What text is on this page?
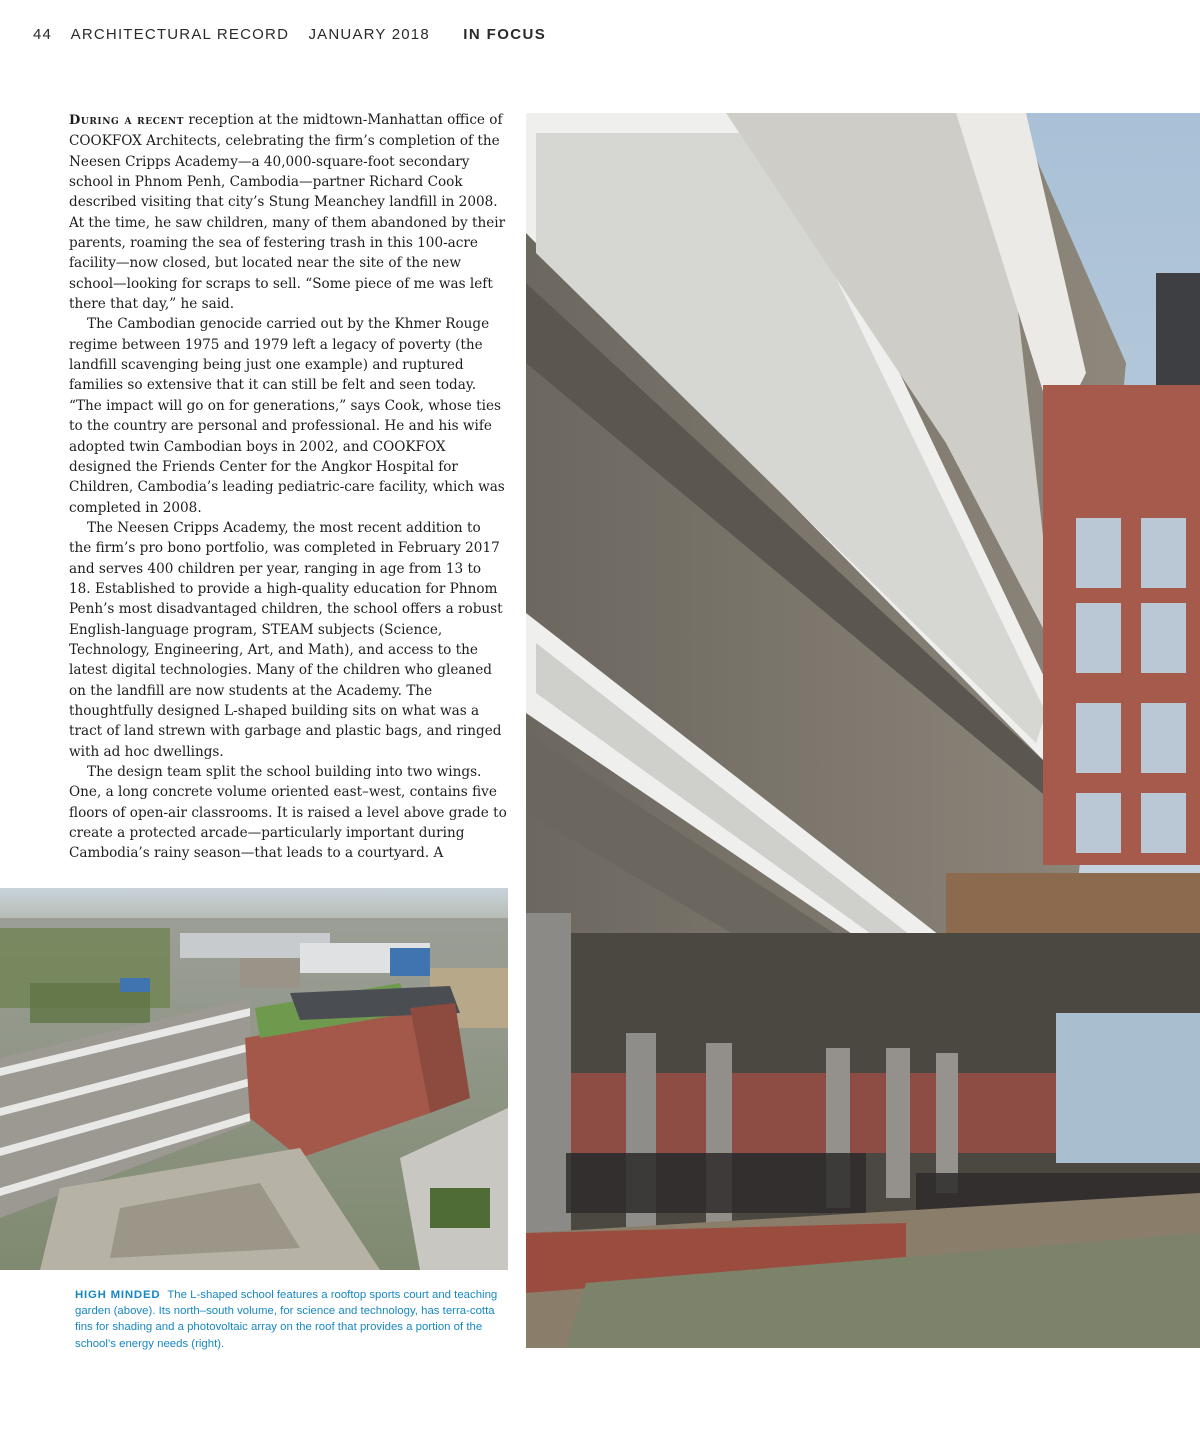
44 ARCHITECTURAL RECORD JANUARY 2018 IN FOCUS

During a recent reception at the midtown-Manhattan office of COOKFOX Architects, celebrating the firm’s completion of the Neesen Cripps Academy—a 40,000-square-foot secondary school in Phnom Penh, Cambodia—partner Richard Cook described visiting that city’s Stung Meanchey landfill in 2008. At the time, he saw children, many of them abandoned by their parents, roaming the sea of festering trash in this 100-acre facility—now closed, but located near the site of the new school—looking for scraps to sell. “Some piece of me was left there that day,” he said.

The Cambodian genocide carried out by the Khmer Rouge regime between 1975 and 1979 left a legacy of poverty (the landfill scavenging being just one example) and ruptured families so extensive that it can still be felt and seen today. “The impact will go on for generations,” says Cook, whose ties to the country are personal and professional. He and his wife adopted twin Cambodian boys in 2002, and COOKFOX designed the Friends Center for the Angkor Hospital for Children, Cambodia’s leading pediatric-care facility, which was completed in 2008.

The Neesen Cripps Academy, the most recent addition to the firm’s pro bono portfolio, was completed in February 2017 and serves 400 children per year, ranging in age from 13 to 18. Established to provide a high-quality education for Phnom Penh’s most disadvantaged children, the school offers a robust English-language program, STEAM subjects (Science, Technology, Engineering, Art, and Math), and access to the latest digital technologies. Many of the children who gleaned on the landfill are now students at the Academy. The thoughtfully designed L-shaped building sits on what was a tract of land strewn with garbage and plastic bags, and ringed with ad hoc dwellings.

The design team split the school building into two wings. One, a long concrete volume oriented east–west, contains five floors of open-air classrooms. It is raised a level above grade to create a protected arcade—particularly important during Cambodia’s rainy season—that leads to a courtyard. A

HIGH MINDED The L-shaped school features a rooftop sports court and teaching garden (above). Its north–south volume, for science and technology, has terra-cotta fins for shading and a photovoltaic array on the roof that provides a portion of the school’s energy needs (right).
